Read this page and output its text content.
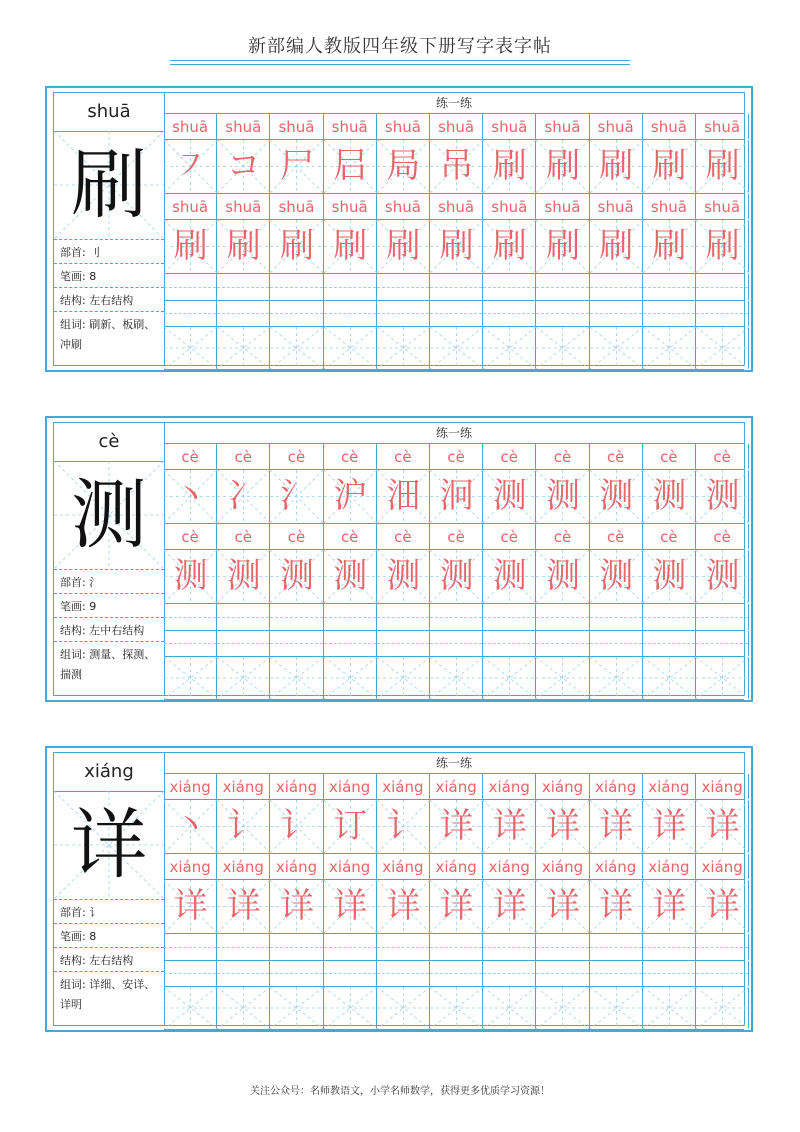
新部编人教版四年级下册写字表字帖
shuā
刷
部首: 刂
笔画: 8
结构: 左右结构
组词: 刷新、板刷、冲刷
练一练
shuā
㇇
shuā
刷
shuā
コ
shuā
刷
shuā
尸
shuā
刷
shuā
𡰪
shuā
刷
shuā
局
shuā
刷
shuā
吊
shuā
刷
shuā
刷
shuā
刷
shuā
刷
shuā
刷
shuā
刷
shuā
刷
shuā
刷
shuā
刷
shuā
刷
shuā
刷
cè
测
部首: 氵
笔画: 9
结构: 左中右结构
组词: 测量、探测、揣测
练一练
cè
丶
cè
测
cè
冫
cè
测
cè
氵
cè
测
cè
沪
cè
测
cè
沺
cè
测
cè
泂
cè
测
cè
测
cè
测
cè
测
cè
测
cè
测
cè
测
cè
测
cè
测
cè
测
cè
测
xiáng
详
部首: 讠
笔画: 8
结构: 左右结构
组词: 详细、安详、详明
练一练
xiáng
丶
xiáng
详
xiáng
讠
xiáng
详
xiáng
讠
xiáng
详
xiáng
订
xiáng
详
xiáng
讠
xiáng
详
xiáng
详
xiáng
详
xiáng
详
xiáng
详
xiáng
详
xiáng
详
xiáng
详
xiáng
详
xiáng
详
xiáng
详
xiáng
详
xiáng
详
关注公众号：名师教语文，小学名师数学，获得更多优质学习资源！
